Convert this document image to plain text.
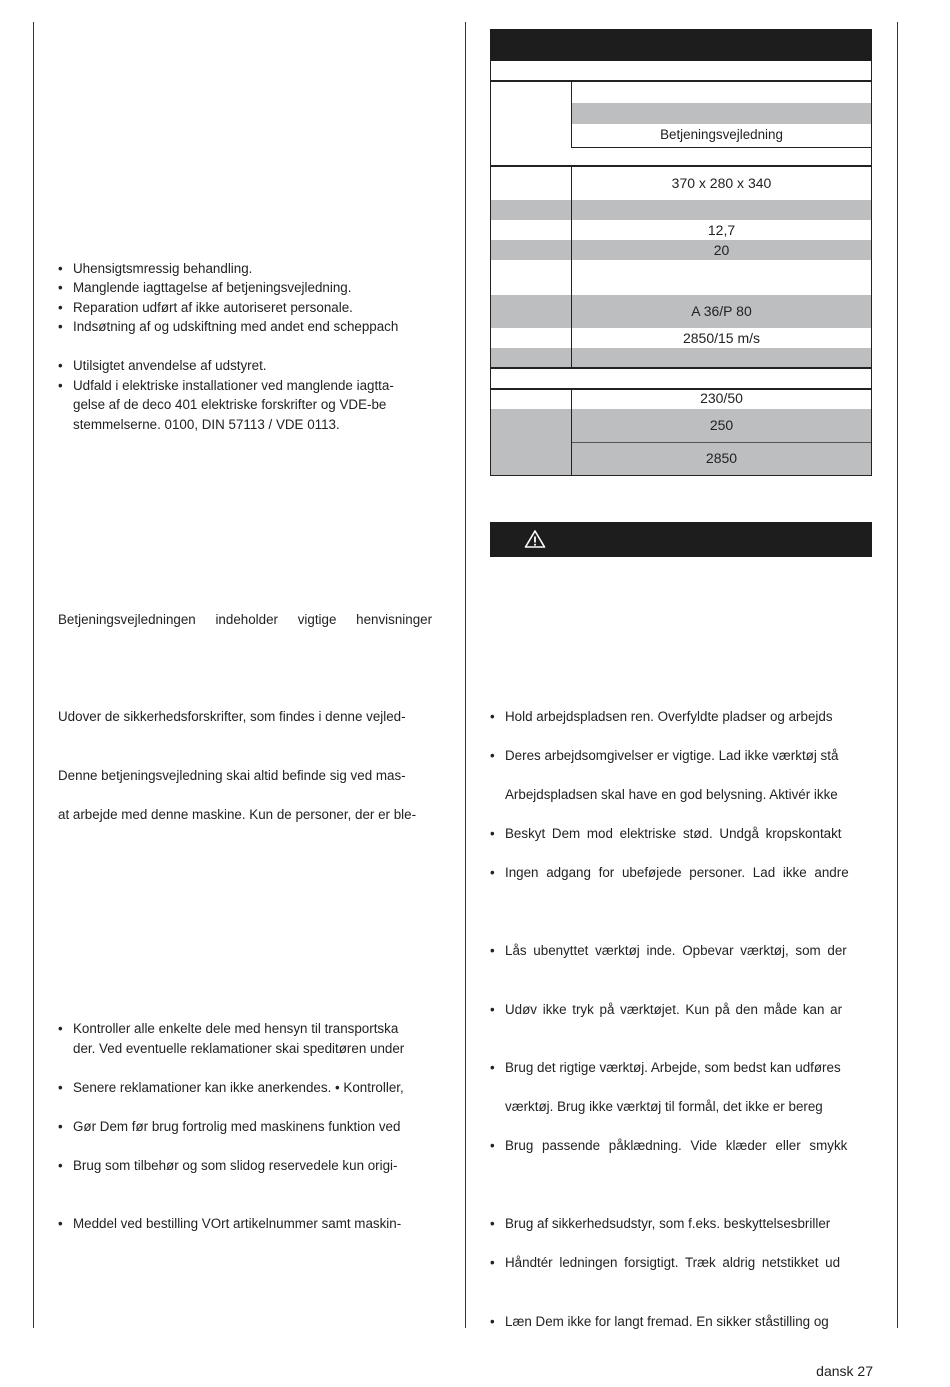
• Uhensigtsmressig behandling.
• Manglende iagttagelse af betjeningsvejledning.
• Reparation udført af ikke autoriseret personale.
• Indsøtning af og udskiftning med andet end scheppach
• Utilsigtet anvendelse af udstyret.
• Udfald i elektriske installationer ved manglende iagtta-
gelse af de deco 401 elektriske forskrifter og VDE-be
stemmelserne. 0100, DIN 57113 / VDE 0113.
Betjeningsvejledningen indeholder vigtige henvisninger
Udover de sikkerhedsforskrifter, som findes i denne vejled-
Denne betjeningsvejledning skai altid befinde sig ved mas-
at arbejde med denne maskine. Kun de personer, der er ble-
• Kontroller alle enkelte dele med hensyn til transportska
der. Ved eventuelle reklamationer skai speditøren under
• Senere reklamationer kan ikke anerkendes. • Kontroller,
• Gør Dem før brug fortrolig med maskinens funktion ved
• Brug som tilbehør og som slidog reservedele kun origi-
• Meddel ved bestilling VOrt artikelnummer samt maskin-
Betjeningsvejledning
370 x 280 x 340
12,7
20
A 36/P 80
2850/15 m/s
230/50
250
2850
• Hold arbejdspladsen ren. Overfyldte pladser og arbejds
• Deres arbejdsomgivelser er vigtige. Lad ikke værktøj stå
Arbejdspladsen skal have en god belysning. Aktivér ikke
• Beskyt Dem mod elektriske stød. Undgå kropskontakt
• Ingen adgang for ubeføjede personer. Lad ikke andre
• Lås ubenyttet værktøj inde. Opbevar værktøj, som der
• Udøv ikke tryk på værktøjet. Kun på den måde kan ar
• Brug det rigtige værktøj. Arbejde, som bedst kan udføres
værktøj. Brug ikke værktøj til formål, det ikke er bereg
• Brug passende påklædning. Vide klæder eller smykk
• Brug af sikkerhedsudstyr, som f.eks. beskyttelsesbriller
• Håndtér ledningen forsigtigt. Træk aldrig netstikket ud
• Læn Dem ikke for langt fremad. En sikker ståstilling og
dansk 27
